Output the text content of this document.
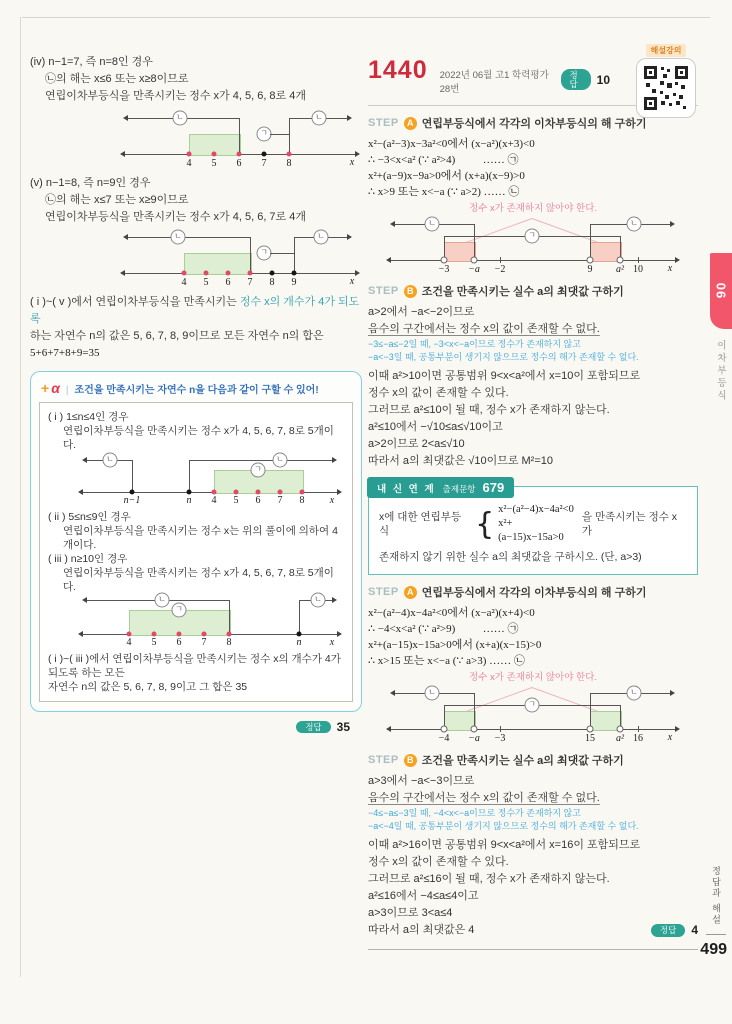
(iv) n−1=7, 즉 n=8인 경우
㉡의 해는 x≤6 또는 x≥8이므로
연립이차부등식을 만족시키는 정수 x가 4, 5, 6, 8로 4개
x
ㄴ
ㄱ
ㄴ
4 5 6 7 8
(v) n−1=8, 즉 n=9인 경우
㉡의 해는 x≤7 또는 x≥9이므로
연립이차부등식을 만족시키는 정수 x가 4, 5, 6, 7로 4개
x
ㄴ
ㄱ
ㄴ
4 5 6 7 8 9
( i )~( v )에서 연립이차부등식을 만족시키는 정수 x의 개수가 4가 되도록
하는 자연수 n의 값은 5, 6, 7, 8, 9이므로 모든 자연수 n의 합은
5+6+7+8+9=35
+ α | 조건을 만족시키는 자연수 n을 다음과 같이 구할 수 있어!
( i ) 1≤n≤4인 경우
연립이차부등식을 만족시키는 정수 x가 4, 5, 6, 7, 8로 5개이다.
x
ㄴ	ㄴ
ㄱ
n−1	n 4 5 6 7 8
( ii ) 5≤n≤9인 경우
연립이차부등식을 만족시키는 정수 x는 위의 풀이에 의하여 4개이다.
( iii ) n≥10인 경우
연립이차부등식을 만족시키는 정수 x가 4, 5, 6, 7, 8로 5개이다.
x
ㄴ
ㄱ
ㄴ
4 5 6 7 8	n
( i )~( iii )에서 연립이차부등식을 만족시키는 정수 x의 개수가 4가 되도록 하는 모든
자연수 n의 값은 5, 6, 7, 8, 9이고 그 합은 35
정답	35
1440 2022년 06월 고1 학력평가 28번
정답	10
해설강의
STEP A 연립부등식에서 각각의 이차부등식의 해 구하기
x²−(a²−3)x−3a²<0에서 (x−a²)(x+3)<0
∴ −3<x<a² (∵ a²>4)          …… ㉠
x²+(a−9)x−9a>0에서 (x+a)(x−9)>0
∴ x>9 또는 x<−a (∵ a>2) …… ㉡
정수 x가 존재하지 않아야 한다.
x
ㄴ
ㄱ
ㄴ
−3 −a −2	9 a² 10
STEP B 조건을 만족시키는 실수 a의 최댓값 구하기
a>2에서 −a<−2이므로
음수의 구간에서는 정수 x의 값이 존재할 수 없다.
−3≤−a≤−2일 때, −3<x<−a이므로 정수가 존재하지 않고
−a<−3일 때, 공통부분이 생기지 않으므로 정수의 해가 존재할 수 없다.
이때 a²>10이면 공통범위 9<x<a²에서 x=10이 포함되므로
정수 x의 값이 존재할 수 있다.
그러므로 a²≤10이 될 때, 정수 x가 존재하지 않는다.
a²≤10에서 −√10≤a≤√10이고
a>2이므로 2<a≤√10
따라서 a의 최댓값은 √10이므로 M²=10
내 신 연 계 출제문항 679
x에 대한 연립부등식	{ x²−(a²−4)x−4a²<0
x²+(a−15)x−15a>0
을 만족시키는 정수 x가
존재하지 않기 위한 실수 a의 최댓값을 구하시오. (단, a>3)
STEP A 연립부등식에서 각각의 이차부등식의 해 구하기
x²−(a²−4)x−4a²<0에서 (x−a²)(x+4)<0
∴ −4<x<a² (∵ a²>9)          …… ㉠
x²+(a−15)x−15a>0에서 (x+a)(x−15)>0
∴ x>15 또는 x<−a (∵ a>3) …… ㉡
정수 x가 존재하지 않아야 한다.
x
ㄴ
ㄱ
ㄴ
−4 −a −3	15 a² 16
STEP B 조건을 만족시키는 실수 a의 최댓값 구하기
a>3에서 −a<−3이므로
음수의 구간에서는 정수 x의 값이 존재할 수 없다.
−4≤−a≤−3일 때, −4<x<−a이므로 정수가 존재하지 않고
−a<−4일 때, 공통부분이 생기지 않으므로 정수의 해가 존재할 수 없다.
이때 a²>16이면 공통범위 9<x<a²에서 x=16이 포함되므로
정수 x의 값이 존재할 수 있다.
그러므로 a²≤16이 될 때, 정수 x가 존재하지 않는다.
a²≤16에서 −4≤a≤4이고
a>3이므로 3<a≤4
따라서 a의 최댓값은 4	정답	4
06
이차부등식
정답과 해설
499
